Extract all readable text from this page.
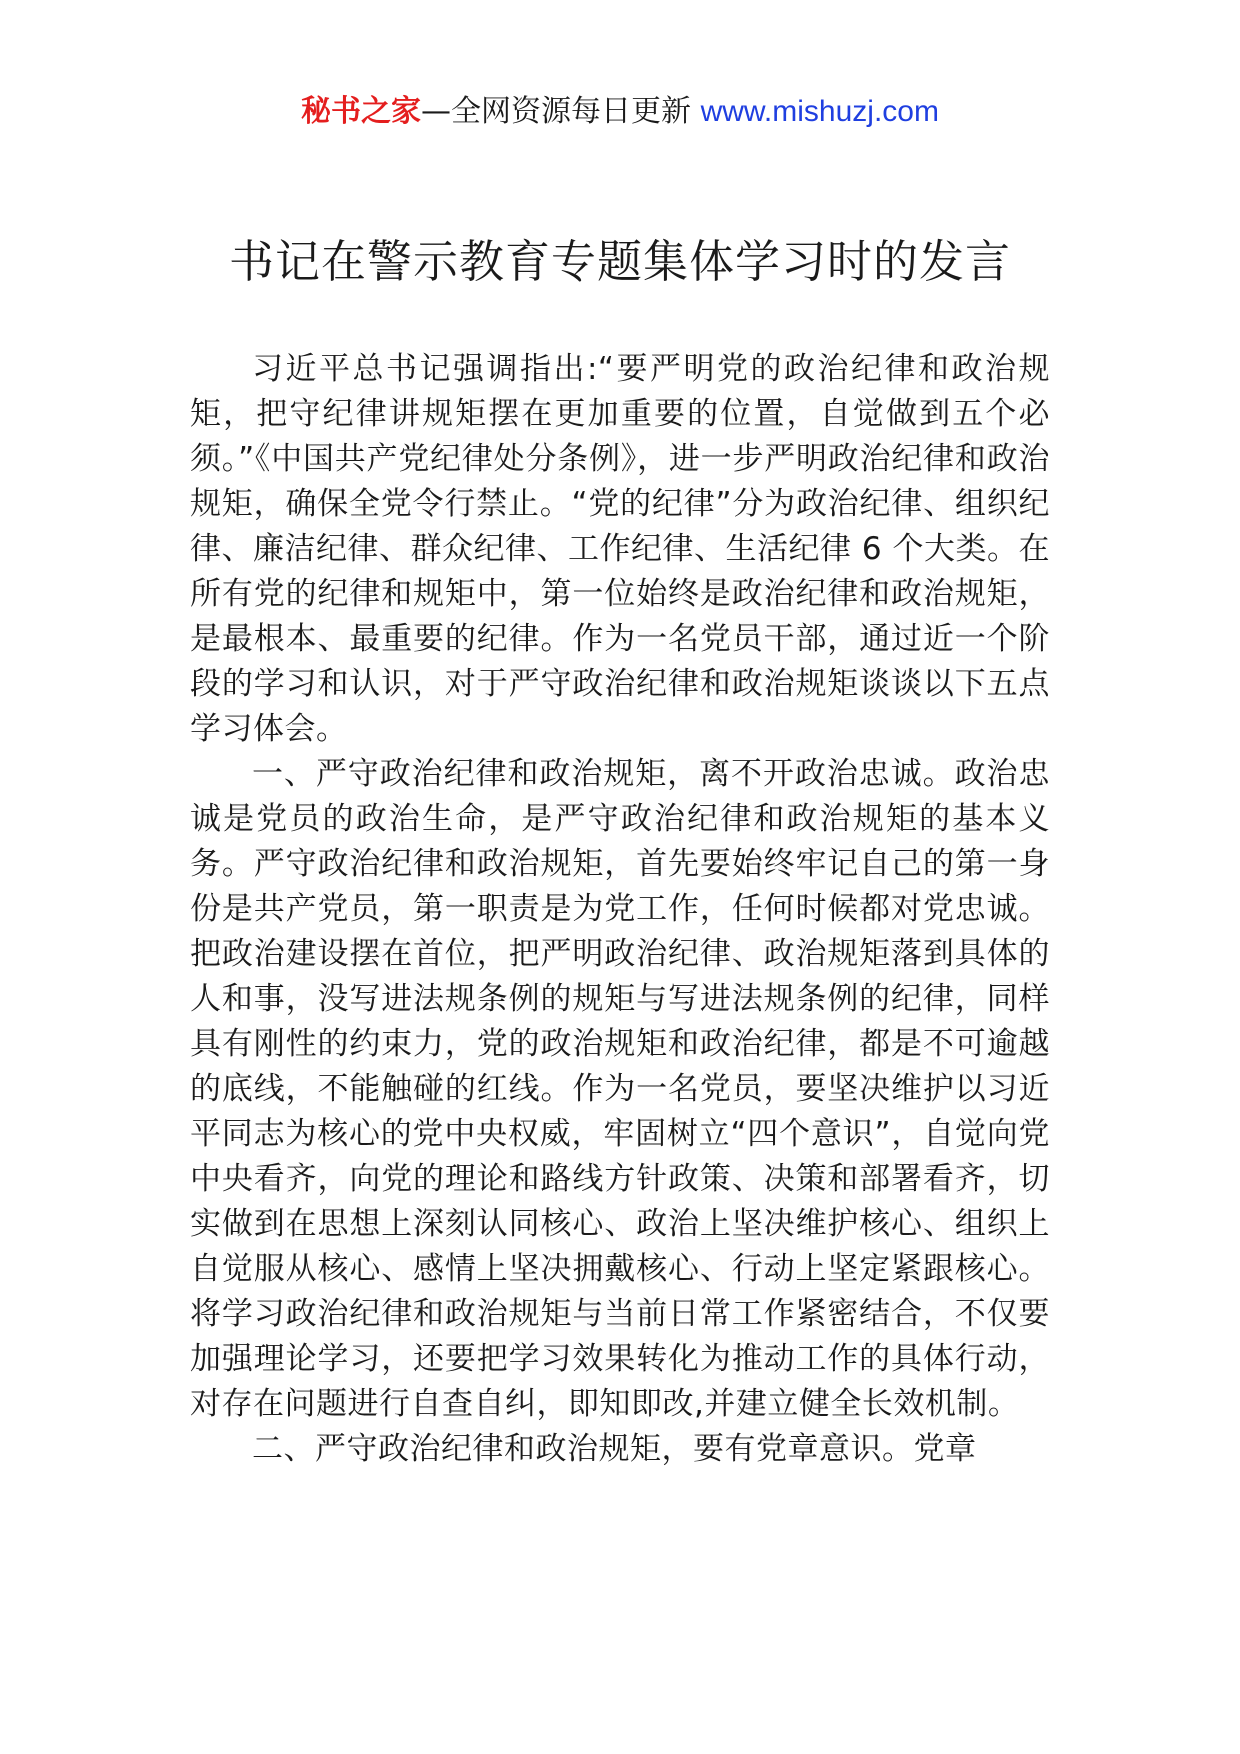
秘书之家—全网资源每日更新 www.mishuzj.com
书记在警示教育专题集体学习时的发言

习近平总书记强调指出:“要严明党的政治纪律和政治规矩，把守纪律讲规矩摆在更加重要的位置，自觉做到五个必须。”《中国共产党纪律处分条例》，进一步严明政治纪律和政治规矩，确保全党令行禁止。“党的纪律”分为政治纪律、组织纪律、廉洁纪律、群众纪律、工作纪律、生活纪律 6 个大类。在所有党的纪律和规矩中，第一位始终是政治纪律和政治规矩，是最根本、最重要的纪律。作为一名党员干部，通过近一个阶段的学习和认识，对于严守政治纪律和政治规矩谈谈以下五点学习体会。

一、严守政治纪律和政治规矩，离不开政治忠诚。政治忠诚是党员的政治生命，是严守政治纪律和政治规矩的基本义务。严守政治纪律和政治规矩，首先要始终牢记自己的第一身份是共产党员，第一职责是为党工作，任何时候都对党忠诚。把政治建设摆在首位，把严明政治纪律、政治规矩落到具体的人和事，没写进法规条例的规矩与写进法规条例的纪律，同样具有刚性的约束力，党的政治规矩和政治纪律，都是不可逾越的底线，不能触碰的红线。作为一名党员，要坚决维护以习近平同志为核心的党中央权威，牢固树立“四个意识”，自觉向党中央看齐，向党的理论和路线方针政策、决策和部署看齐，切实做到在思想上深刻认同核心、政治上坚决维护核心、组织上自觉服从核心、感情上坚决拥戴核心、行动上坚定紧跟核心。将学习政治纪律和政治规矩与当前日常工作紧密结合，不仅要加强理论学习，还要把学习效果转化为推动工作的具体行动，对存在问题进行自查自纠，即知即改,并建立健全长效机制。

二、严守政治纪律和政治规矩，要有党章意识。党章
